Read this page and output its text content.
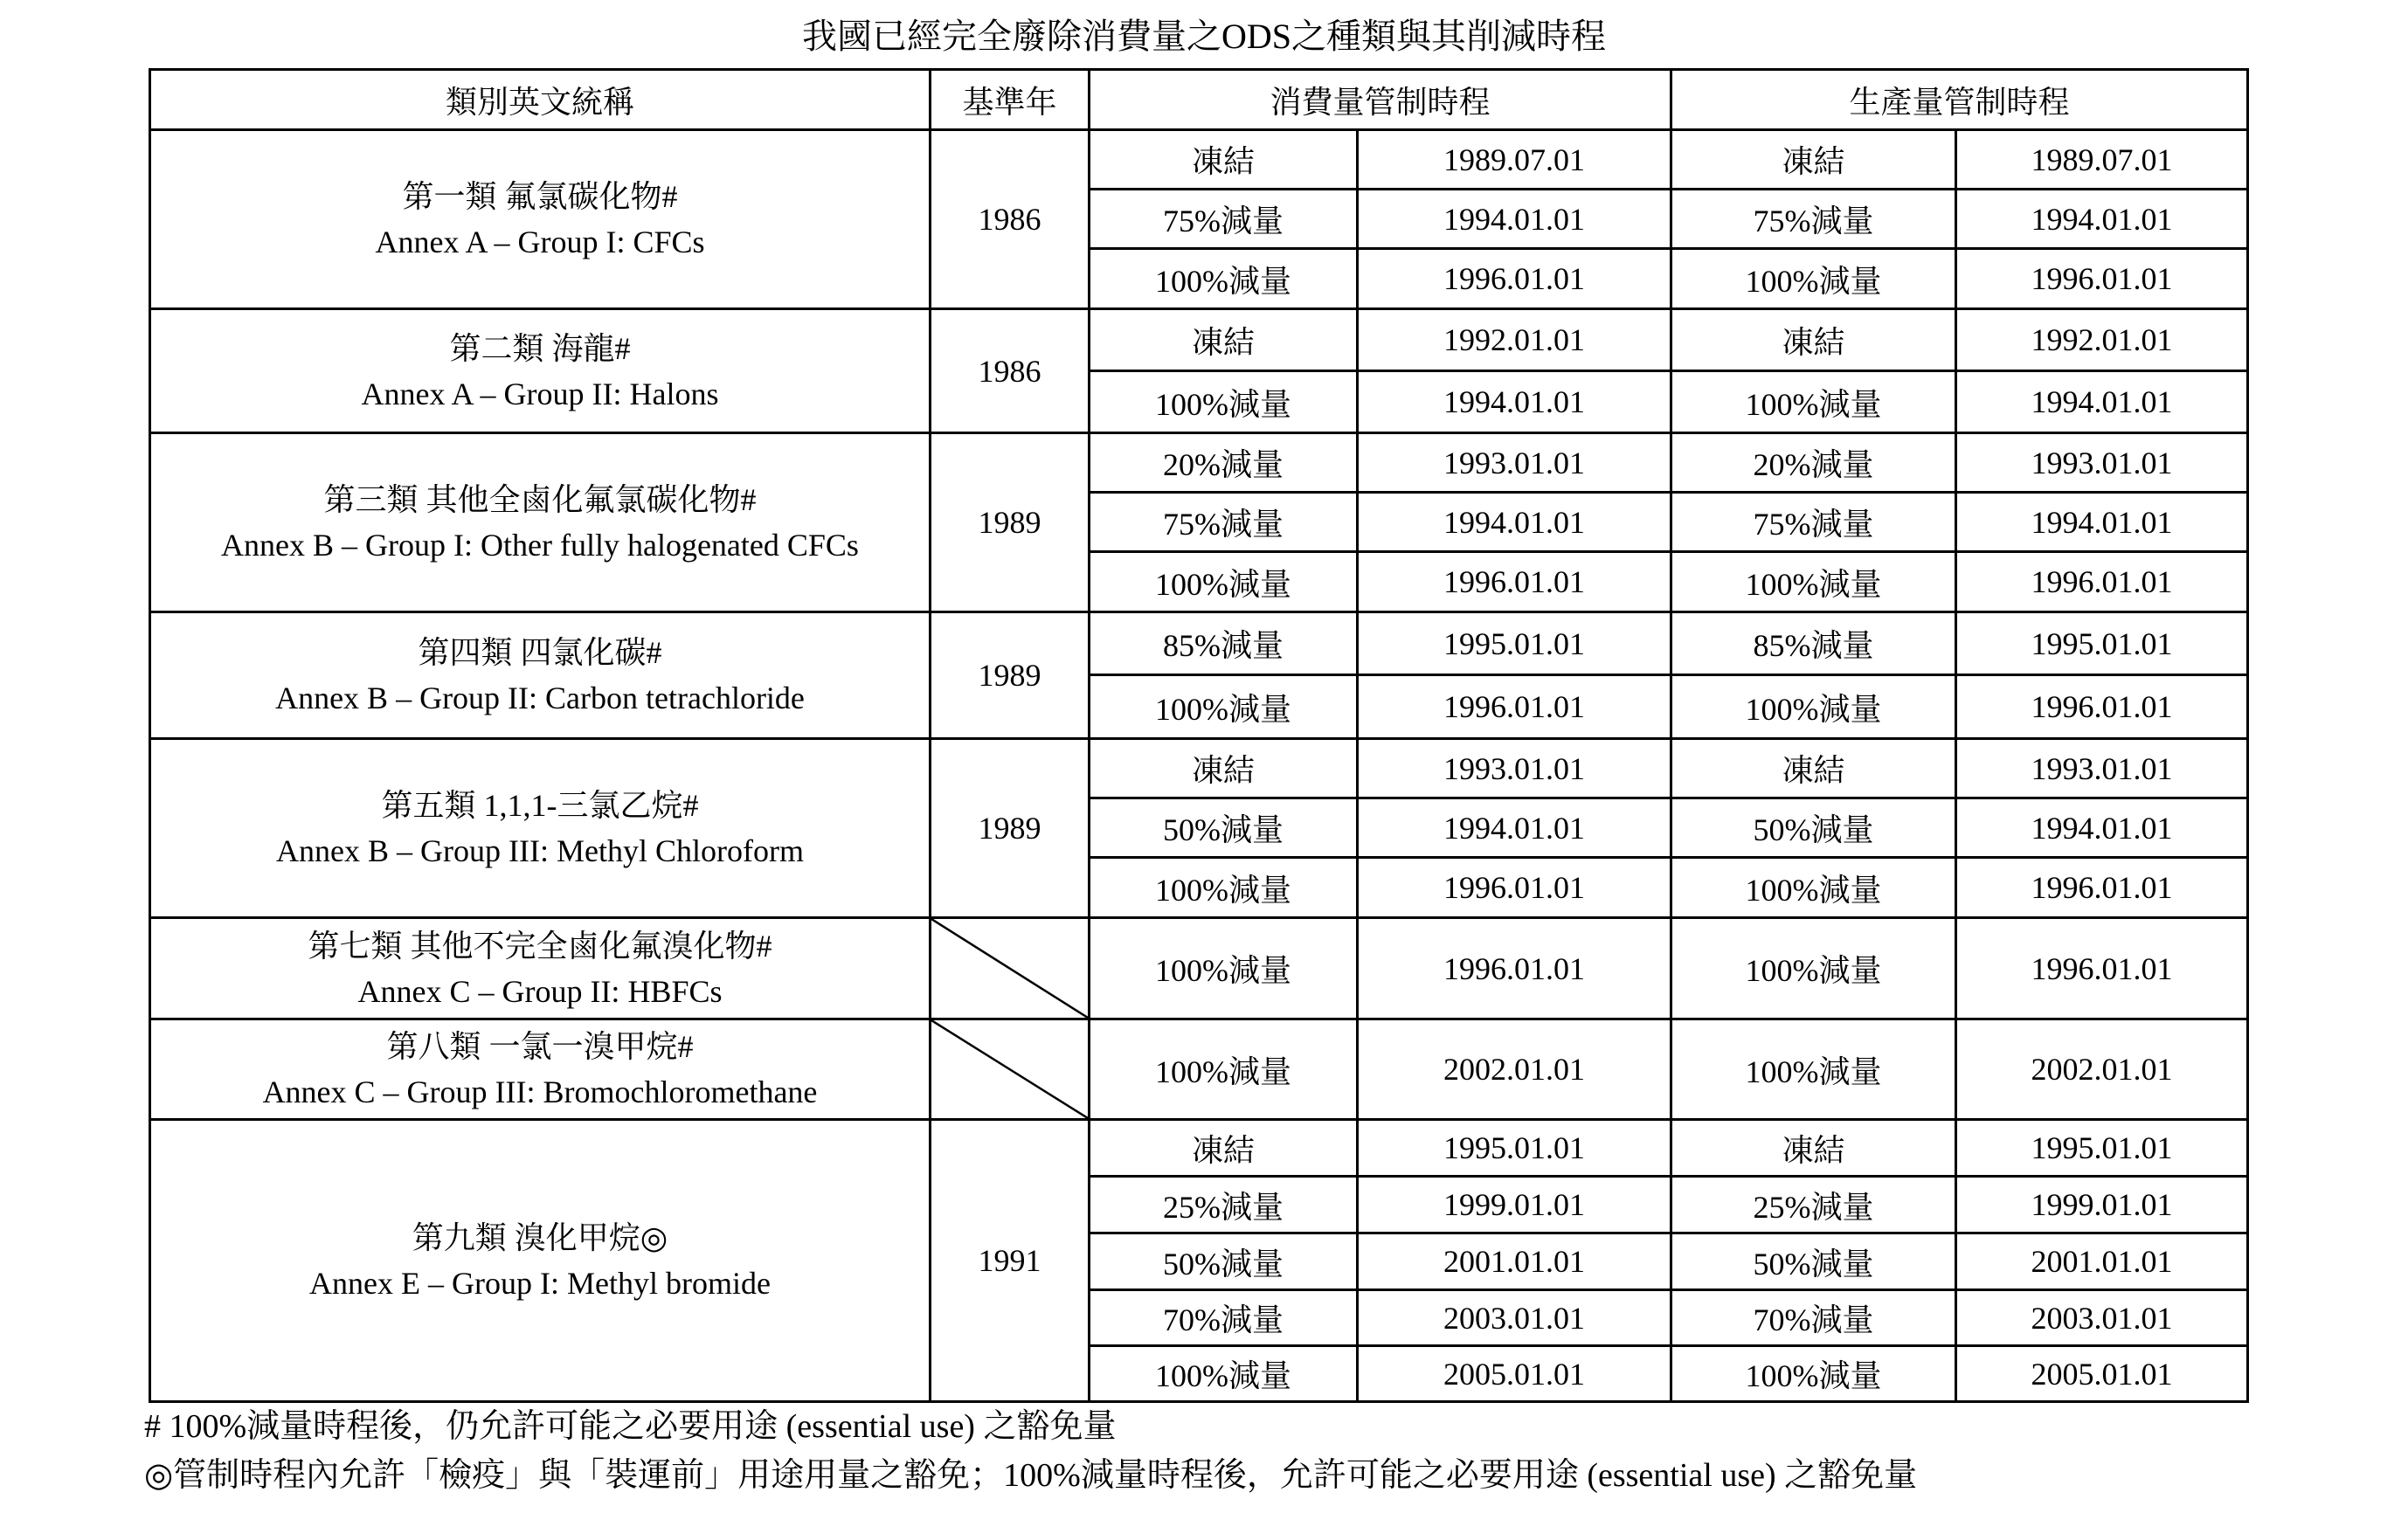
我國已經完全廢除消費量之ODS之種類與其削減時程
類別英文統稱	基準年	消費量管制時程		生產量管制時程	

第一類 氟氯碳化物#
Annex A – Group I: CFCs	1986	凍結	1989.07.01	凍結	1989.07.01
		75%減量	1994.01.01	75%減量	1994.01.01
		100%減量	1996.01.01	100%減量	1996.01.01

第二類 海龍#
Annex A – Group II: Halons	1986	凍結	1992.01.01	凍結	1992.01.01
		100%減量	1994.01.01	100%減量	1994.01.01

第三類 其他全鹵化氟氯碳化物#
Annex B – Group I: Other fully halogenated CFCs	1989	20%減量	1993.01.01	20%減量	1993.01.01
		75%減量	1994.01.01	75%減量	1994.01.01
		100%減量	1996.01.01	100%減量	1996.01.01

第四類 四氯化碳#
Annex B – Group II: Carbon tetrachloride	1989	85%減量	1995.01.01	85%減量	1995.01.01
		100%減量	1996.01.01	100%減量	1996.01.01

第五類 1,1,1-三氯乙烷#
Annex B – Group III: Methyl Chloroform	1989	凍結	1993.01.01	凍結	1993.01.01
		50%減量	1994.01.01	50%減量	1994.01.01
		100%減量	1996.01.01	100%減量	1996.01.01

第七類 其他不完全鹵化氟溴化物#
Annex C – Group II: HBFCs		100%減量	1996.01.01	100%減量	1996.01.01

第八類 一氯一溴甲烷#
Annex C – Group III: Bromochloromethane		100%減量	2002.01.01	100%減量	2002.01.01

第九類 溴化甲烷◎
Annex E – Group I: Methyl bromide	1991	凍結	1995.01.01	凍結	1995.01.01
		25%減量	1999.01.01	25%減量	1999.01.01
		50%減量	2001.01.01	50%減量	2001.01.01
		70%減量	2003.01.01	70%減量	2003.01.01
		100%減量	2005.01.01	100%減量	2005.01.01
# 100%減量時程後，仍允許可能之必要用途 (essential use) 之豁免量
◎管制時程內允許「檢疫」與「裝運前」用途用量之豁免；100%減量時程後，允許可能之必要用途 (essential use) 之豁免量
